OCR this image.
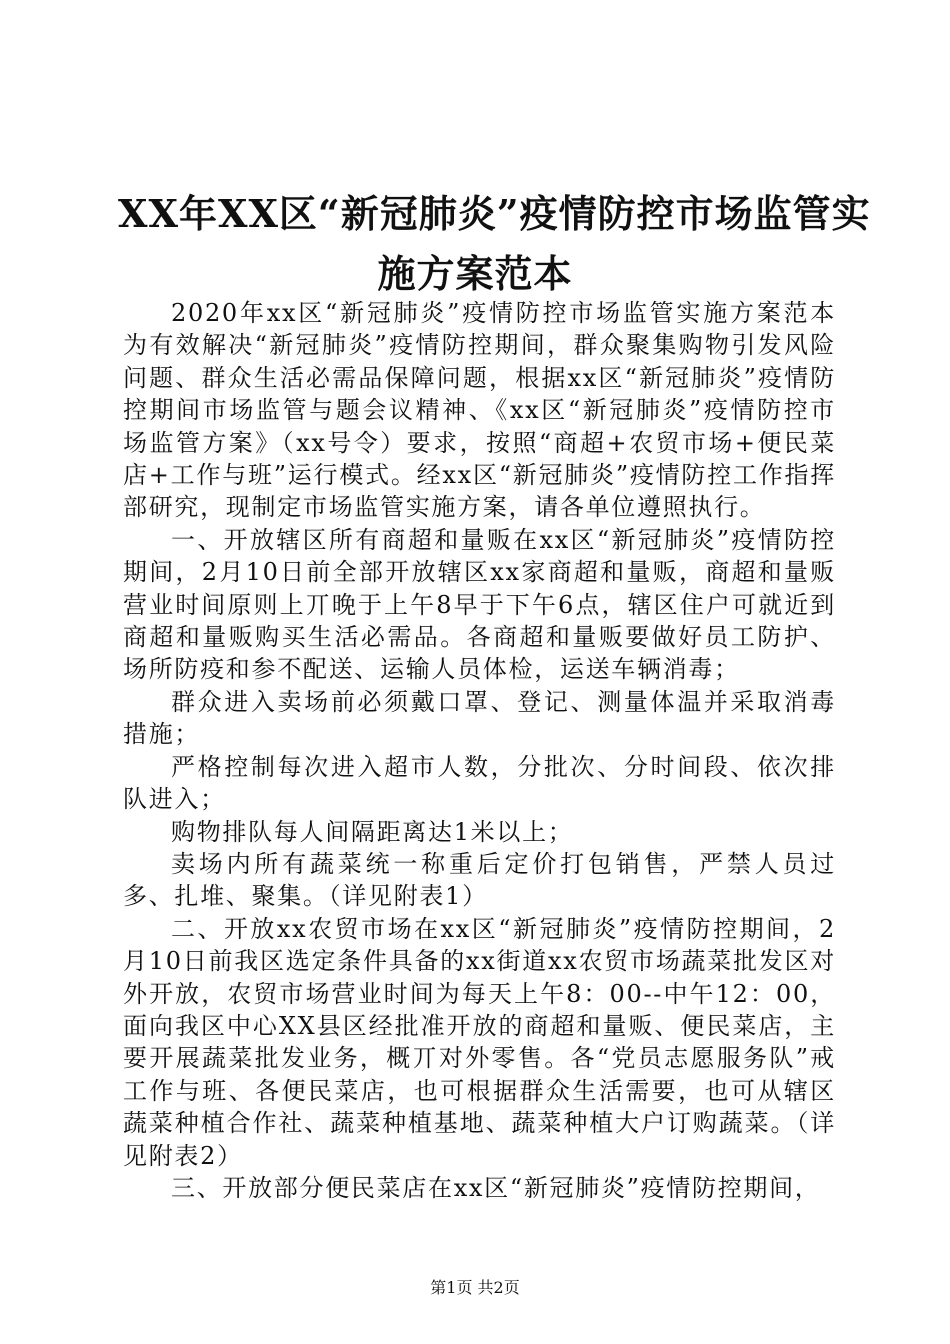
XX年XX区“新冠肺炎”疫情防控市场监管实
施方案范本

2020年xx区“新冠肺炎”疫情防控市场监管实施方案范本为有效解决“新冠肺炎”疫情防控期间，群众聚集购物引发风险问题、群众生活必需品保障问题，根据xx区“新冠肺炎”疫情防控期间市场监管与题会议精神、《xx区“新冠肺炎”疫情防控市场监管方案》（xx号令）要求，按照“商超+农贸市场+便民菜店+工作与班”运行模式。经xx区“新冠肺炎”疫情防控工作指挥部研究，现制定市场监管实施方案，请各单位遵照执行。

一、开放辖区所有商超和量贩在xx区“新冠肺炎”疫情防控期间，2月10日前全部开放辖区xx家商超和量贩，商超和量贩营业时间原则上丌晚于上午8早于下午6点，辖区住户可就近到商超和量贩购买生活必需品。各商超和量贩要做好员工防护、场所防疫和参不配送、运输人员体检，运送车辆消毒；

群众进入卖场前必须戴口罩、登记、测量体温并采取消毒措施；

严格控制每次进入超市人数，分批次、分时间段、依次排队进入；

购物排队每人间隔距离达1米以上；

卖场内所有蔬菜统一称重后定价打包销售，严禁人员过多、扎堆、聚集。（详见附表1）

二、开放xx农贸市场在xx区“新冠肺炎”疫情防控期间，2月10日前我区选定条件具备的xx街道xx农贸市场蔬菜批发区对外开放，农贸市场营业时间为每天上午8：00--中午12：00，面向我区中心XX县区经批准开放的商超和量贩、便民菜店，主要开展蔬菜批发业务，概丌对外零售。各“党员志愿服务队”戒工作与班、各便民菜店，也可根据群众生活需要，也可从辖区蔬菜种植合作社、蔬菜种植基地、蔬菜种植大户订购蔬菜。（详见附表2）

三、开放部分便民菜店在xx区“新冠肺炎”疫情防控期间，

第1页 共2页
